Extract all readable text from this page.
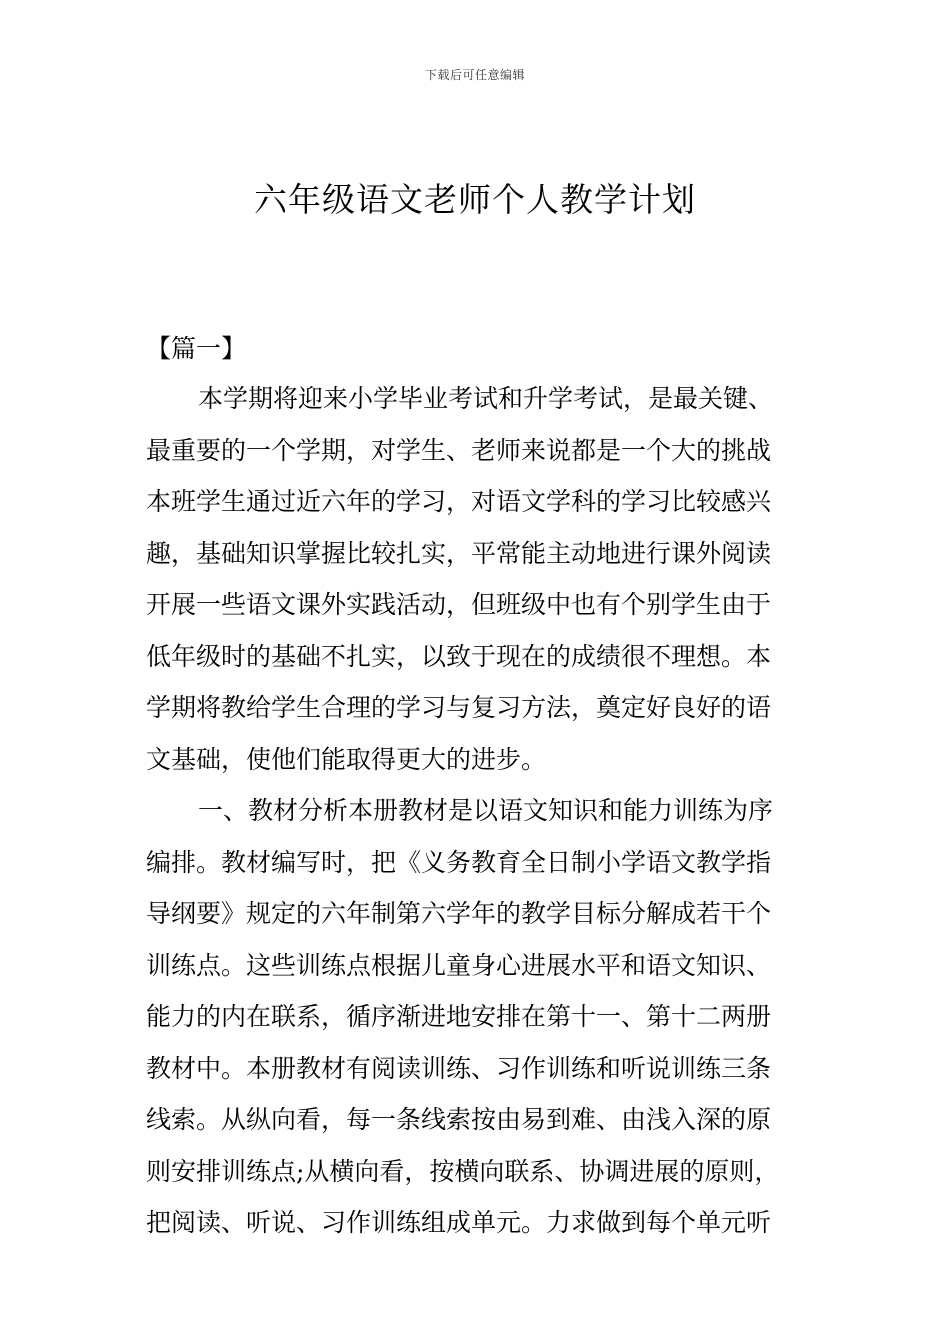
下载后可任意编辑
六年级语文老师个人教学计划
【篇一】
本学期将迎来小学毕业考试和升学考试，是最关键、
最重要的一个学期，对学生、老师来说都是一个大的挑战
本班学生通过近六年的学习，对语文学科的学习比较感兴
趣，基础知识掌握比较扎实，平常能主动地进行课外阅读
开展一些语文课外实践活动，但班级中也有个别学生由于
低年级时的基础不扎实，以致于现在的成绩很不理想。本
学期将教给学生合理的学习与复习方法，奠定好良好的语
文基础，使他们能取得更大的进步。
一、教材分析本册教材是以语文知识和能力训练为序
编排。教材编写时，把《义务教育全日制小学语文教学指
导纲要》规定的六年制第六学年的教学目标分解成若干个
训练点。这些训练点根据儿童身心进展水平和语文知识、
能力的内在联系，循序渐进地安排在第十一、第十二两册
教材中。本册教材有阅读训练、习作训练和听说训练三条
线索。从纵向看，每一条线索按由易到难、由浅入深的原
则安排训练点;从横向看，按横向联系、协调进展的原则，
把阅读、听说、习作训练组成单元。力求做到每个单元听
